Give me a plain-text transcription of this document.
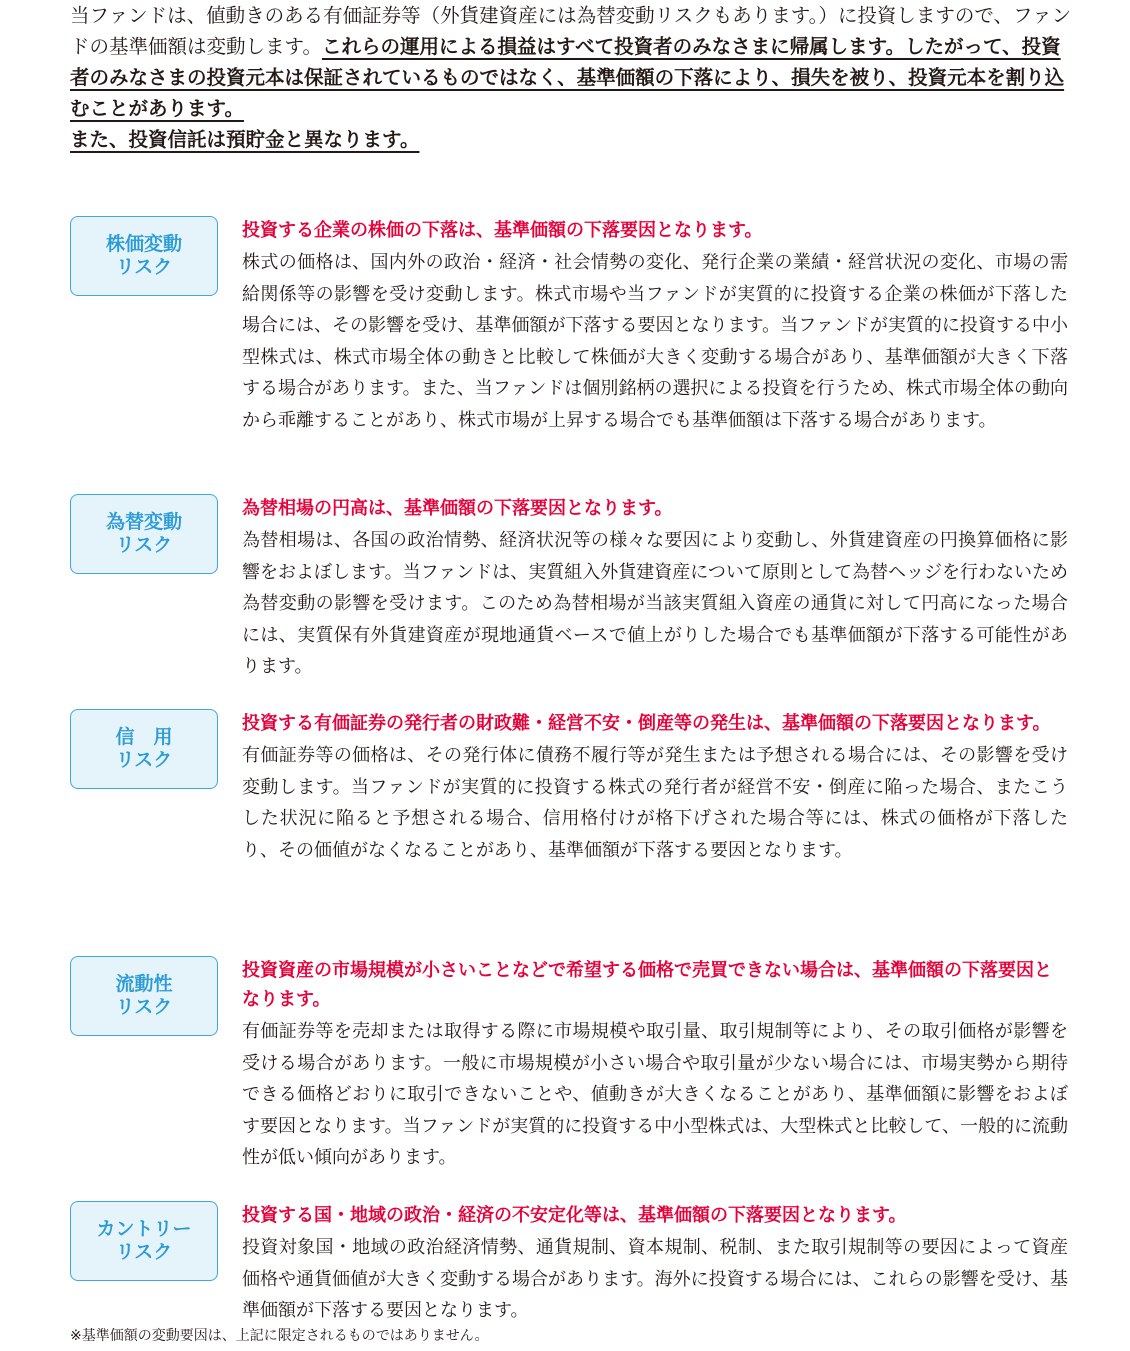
当ファンドは、値動きのある有価証券等（外貨建資産には為替変動リスクもあります。）に投資しますので、ファンドの基準価額は変動します。これらの運用による損益はすべて投資者のみなさまに帰属します。したがって、投資者のみなさまの投資元本は保証されているものではなく、基準価額の下落により、損失を被り、投資元本を割り込むことがあります。
また、投資信託は預貯金と異なります。

株価変動
リスク

投資する企業の株価の下落は、基準価額の下落要因となります。

株式の価格は、国内外の政治・経済・社会情勢の変化、発行企業の業績・経営状況の変化、市場の需給関係等の影響を受け変動します。株式市場や当ファンドが実質的に投資する企業の株価が下落した場合には、その影響を受け、基準価額が下落する要因となります。当ファンドが実質的に投資する中小型株式は、株式市場全体の動きと比較して株価が大きく変動する場合があり、基準価額が大きく下落する場合があります。また、当ファンドは個別銘柄の選択による投資を行うため、株式市場全体の動向から乖離することがあり、株式市場が上昇する場合でも基準価額は下落する場合があります。

為替変動
リスク

為替相場の円高は、基準価額の下落要因となります。

為替相場は、各国の政治情勢、経済状況等の様々な要因により変動し、外貨建資産の円換算価格に影響をおよぼします。当ファンドは、実質組入外貨建資産について原則として為替ヘッジを行わないため為替変動の影響を受けます。このため為替相場が当該実質組入資産の通貨に対して円高になった場合には、実質保有外貨建資産が現地通貨ベースで値上がりした場合でも基準価額が下落する可能性があります。

信　用
リスク

投資する有価証券の発行者の財政難・経営不安・倒産等の発生は、基準価額の下落要因となります。

有価証券等の価格は、その発行体に債務不履行等が発生または予想される場合には、その影響を受け変動します。当ファンドが実質的に投資する株式の発行者が経営不安・倒産に陥った場合、またこうした状況に陥ると予想される場合、信用格付けが格下げされた場合等には、株式の価格が下落したり、その価値がなくなることがあり、基準価額が下落する要因となります。

流動性
リスク

投資資産の市場規模が小さいことなどで希望する価格で売買できない場合は、基準価額の下落要因となります。

有価証券等を売却または取得する際に市場規模や取引量、取引規制等により、その取引価格が影響を受ける場合があります。一般に市場規模が小さい場合や取引量が少ない場合には、市場実勢から期待できる価格どおりに取引できないことや、値動きが大きくなることがあり、基準価額に影響をおよぼす要因となります。当ファンドが実質的に投資する中小型株式は、大型株式と比較して、一般的に流動性が低い傾向があります。

カントリー
リスク

投資する国・地域の政治・経済の不安定化等は、基準価額の下落要因となります。

投資対象国・地域の政治経済情勢、通貨規制、資本規制、税制、また取引規制等の要因によって資産価格や通貨価値が大きく変動する場合があります。海外に投資する場合には、これらの影響を受け、基準価額が下落する要因となります。

※基準価額の変動要因は、上記に限定されるものではありません。
